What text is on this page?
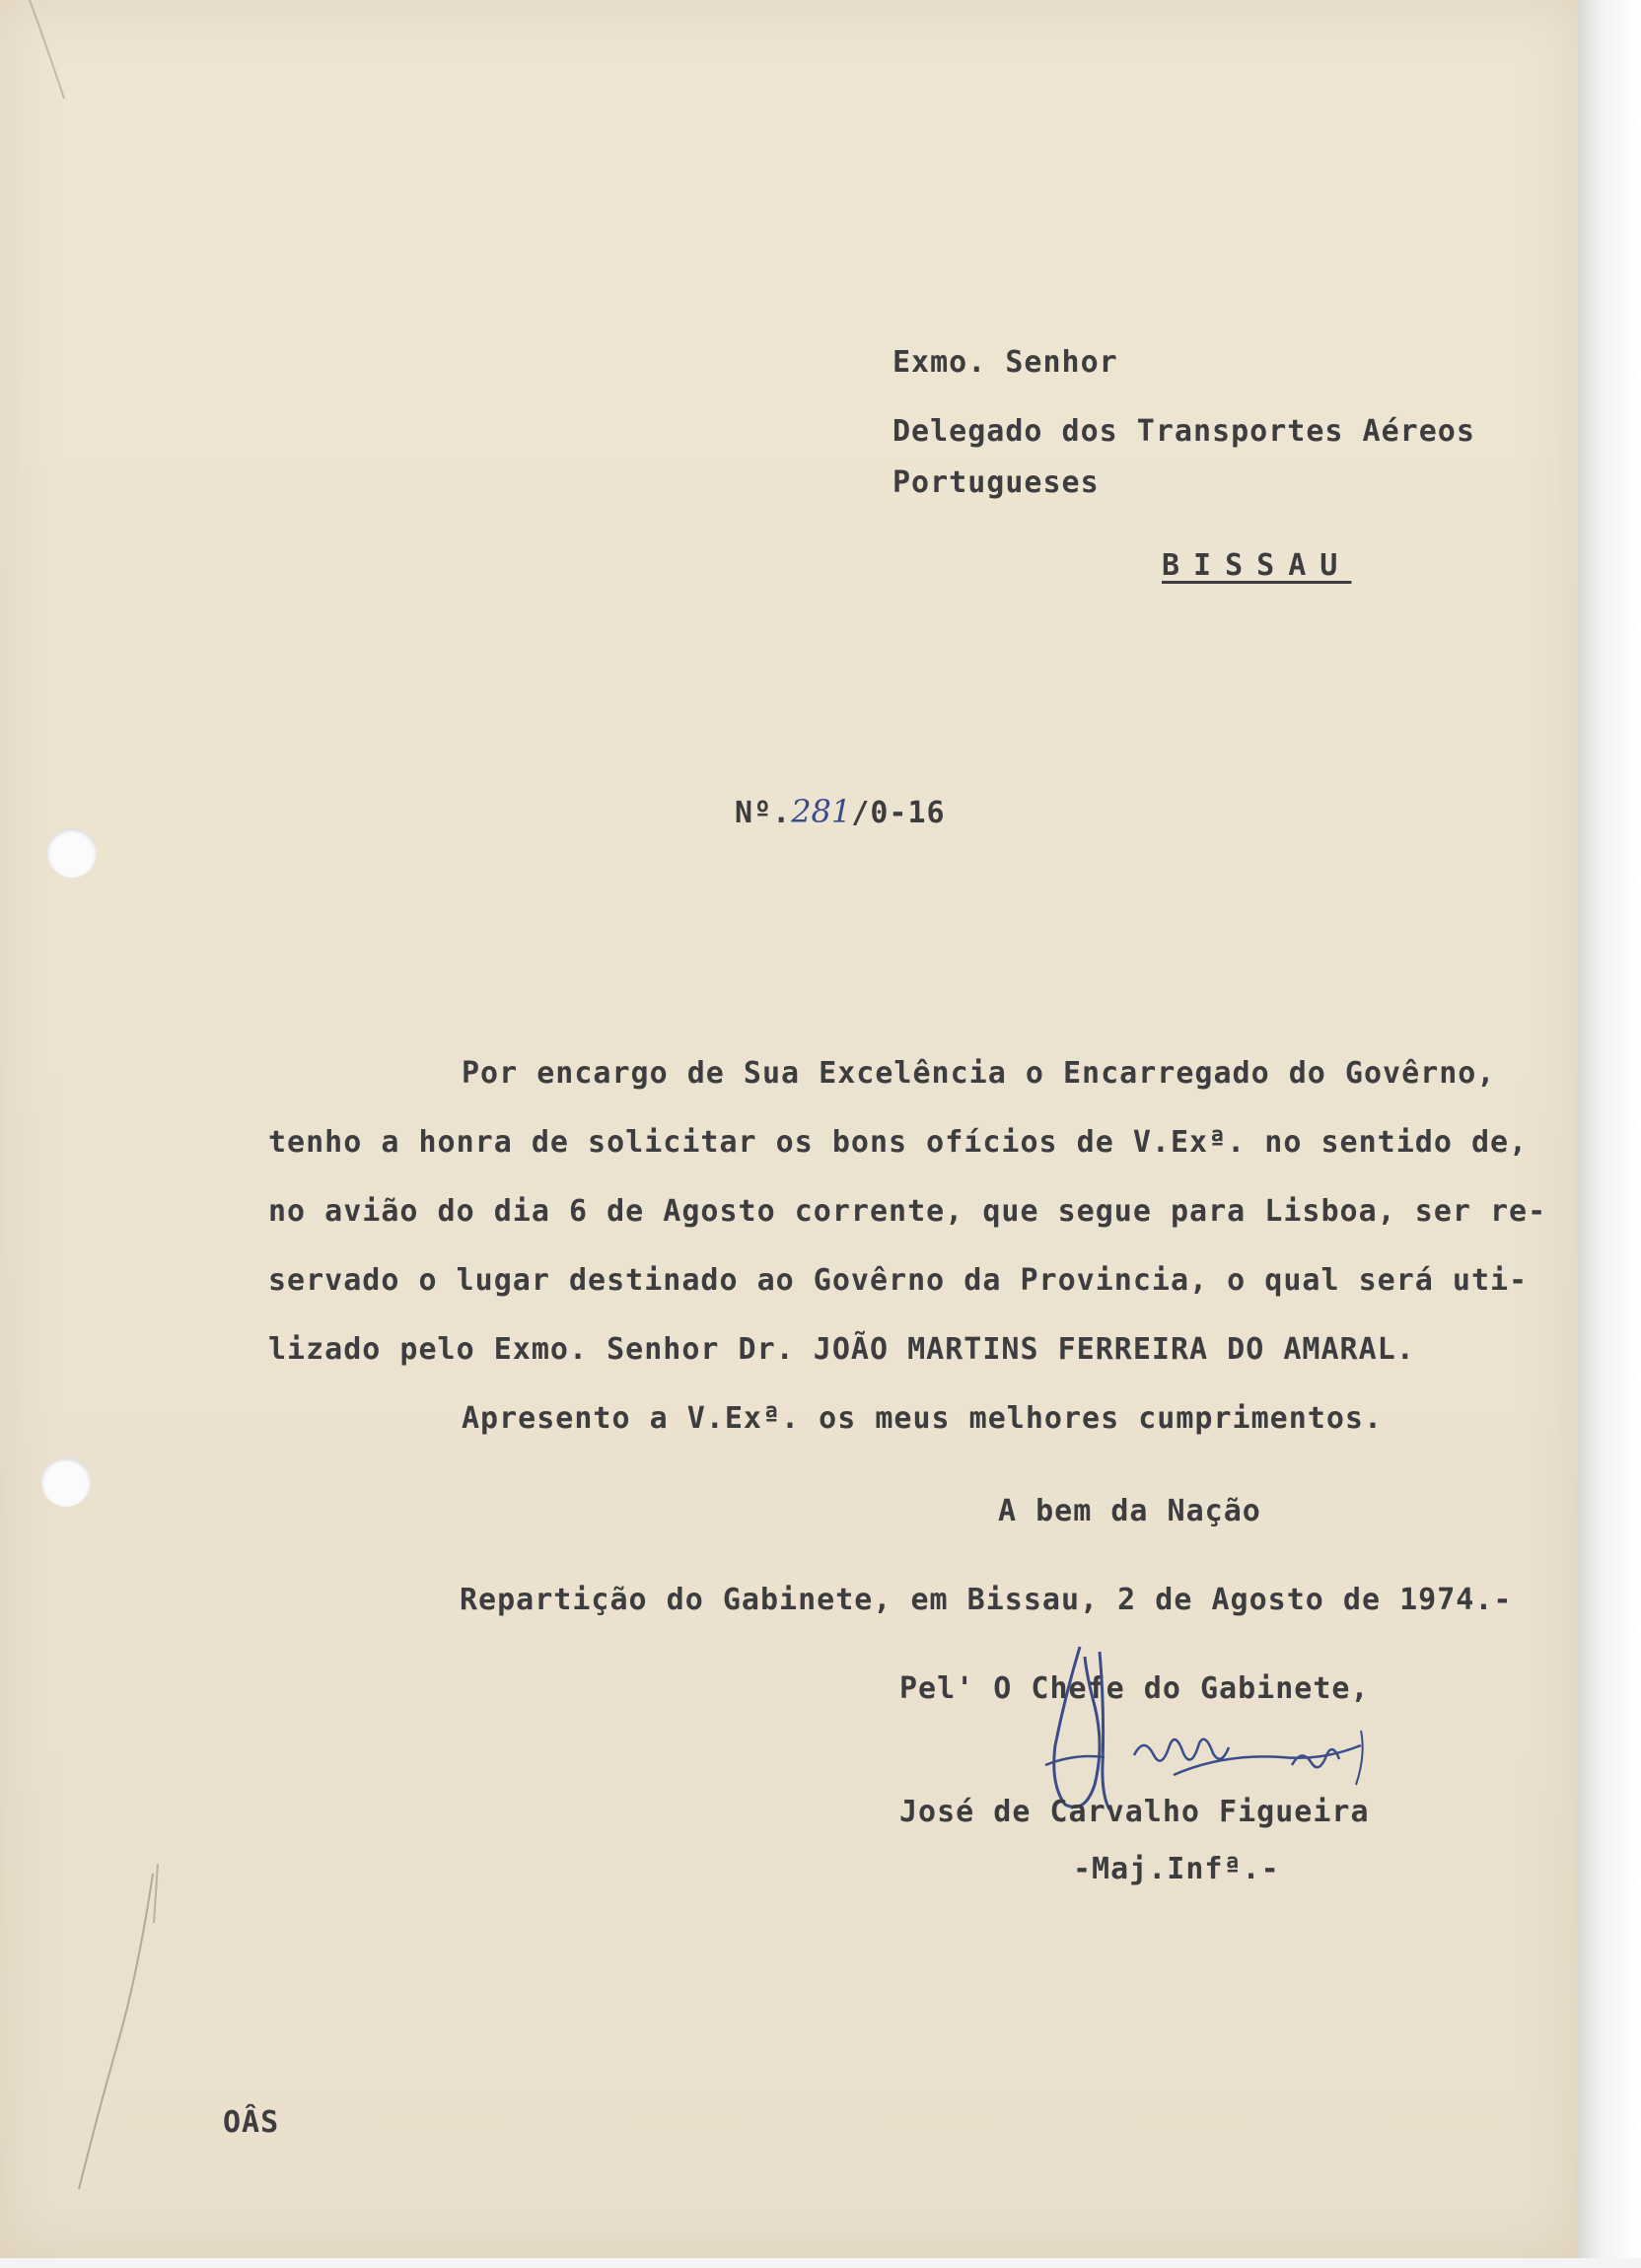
Exmo. Senhor
Delegado dos Transportes Aéreos
Portugueses
BISSAU
Nº.281/0-16
Por encargo de Sua Excelência o Encarregado do Govêrno,
tenho a honra de solicitar os bons ofícios de V.Exª. no sentido de,
no avião do dia 6 de Agosto corrente, que segue para Lisboa, ser re-
servado o lugar destinado ao Govêrno da Provincia, o qual será uti-
lizado pelo Exmo. Senhor Dr. JOÃO MARTINS FERREIRA DO AMARAL.
Apresento a V.Exª. os meus melhores cumprimentos.
A bem da Nação
Repartição do Gabinete, em Bissau, 2 de Agosto de 1974.-
Pel' O Chefe do Gabinete,
José de Carvalho Figueira
-Maj.Infª.-
OÂS
